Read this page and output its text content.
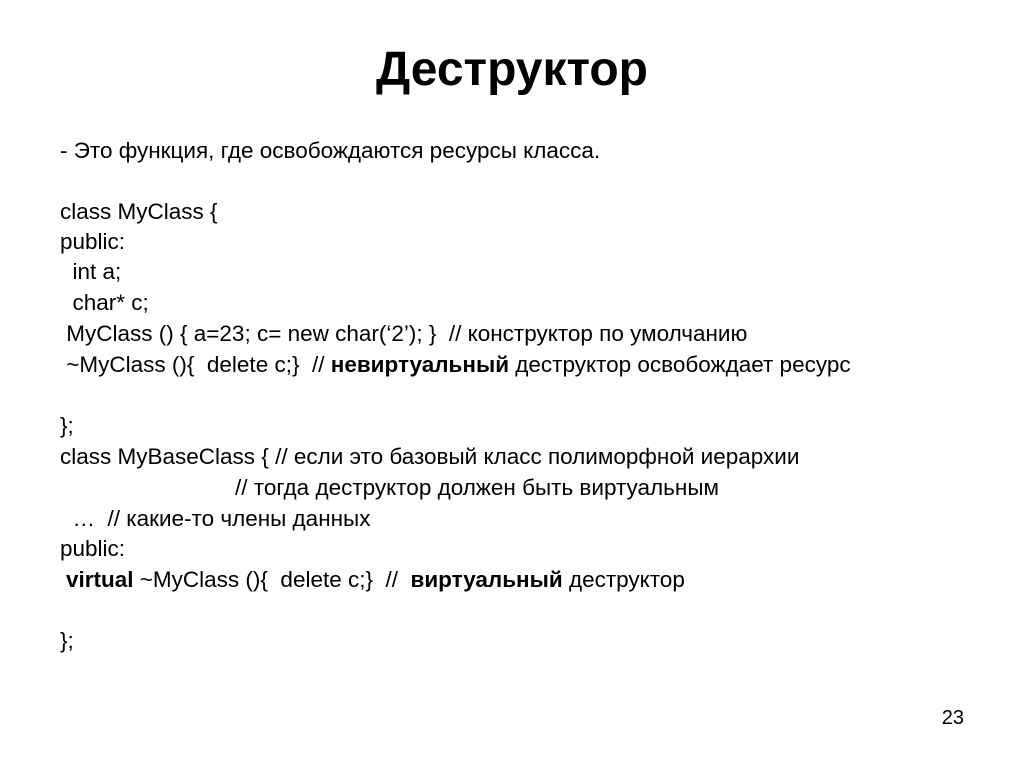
Деструктор
- Это функция, где освобождаются ресурсы класса.
class MyClass {
public:
int a;
char* c;
MyClass () { a=23; c= new char(‘2’); }  // конструктор по умолчанию
~MyClass (){  delete c;}  // невиртуальный деструктор освобождает ресурс
};
class MyBaseClass { // если это базовый класс полиморфной иерархии
// тогда деструктор должен быть виртуальным
…  // какие-то члены данных
public:
virtual ~MyClass (){  delete c;}  //  виртуальный деструктор
};
23
